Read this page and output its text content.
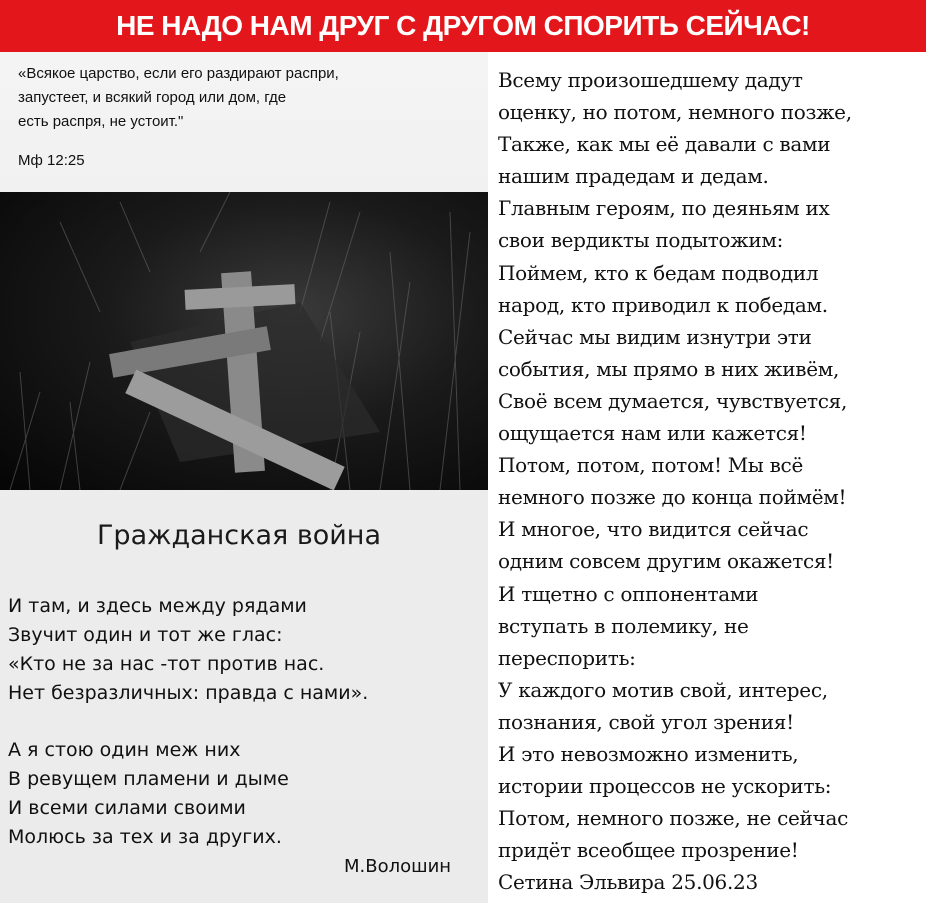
НЕ НАДО НАМ ДРУГ С ДРУГОМ СПОРИТЬ СЕЙЧАС!
«Всякое царство, если его раздирают распри,
запустеет, и всякий город или дом, где
есть распря, не устоит."
Мф 12:25
Гражданская война
И там, и здесь между рядами
Звучит один и тот же глас:
«Кто не за нас -тот против нас.
Нет безразличных: правда с нами».
А я стою один меж них
В ревущем пламени и дыме
И всеми силами своими
Молюсь за тех и за других.
М.Волошин
Всему произошедшему дадут
оценку, но потом, немного позже,
Также, как мы её давали с вами
нашим прадедам и дедам.
Главным героям, по деяньям их
свои вердикты подытожим:
Поймем, кто к бедам подводил
народ, кто приводил к победам.
Сейчас мы видим изнутри эти
события, мы прямо в них живём,
Своё всем думается, чувствуется,
ощущается нам или кажется!
Потом, потом, потом! Мы всё
немного позже до конца поймём!
И многое, что видится сейчас
одним совсем другим окажется!
И тщетно с оппонентами
вступать в полемику, не
переспорить:
У каждого мотив свой, интерес,
познания, свой угол зрения!
И это невозможно изменить,
истории процессов не ускорить:
Потом, немного позже, не сейчас
придёт всеобщее прозрение!
Сетина Эльвира 25.06.23
